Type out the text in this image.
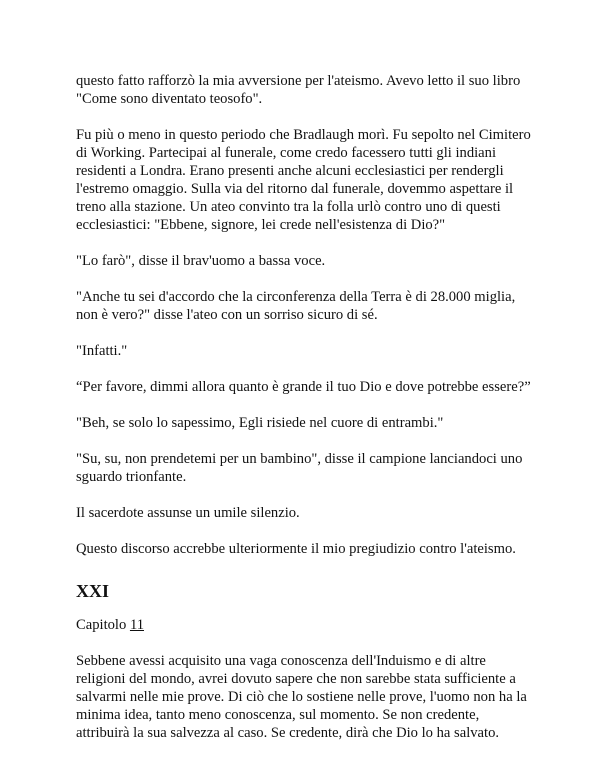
questo fatto rafforzò la mia avversione per l'ateismo. Avevo letto il suo libro "Come sono diventato teosofo".

Fu più o meno in questo periodo che Bradlaugh morì. Fu sepolto nel Cimitero di Working. Partecipai al funerale, come credo facessero tutti gli indiani residenti a Londra. Erano presenti anche alcuni ecclesiastici per rendergli l'estremo omaggio. Sulla via del ritorno dal funerale, dovemmo aspettare il treno alla stazione. Un ateo convinto tra la folla urlò contro uno di questi ecclesiastici: "Ebbene, signore, lei crede nell'esistenza di Dio?"

"Lo farò", disse il brav'uomo a bassa voce.

"Anche tu sei d'accordo che la circonferenza della Terra è di 28.000 miglia, non è vero?" disse l'ateo con un sorriso sicuro di sé.

"Infatti."

“Per favore, dimmi allora quanto è grande il tuo Dio e dove potrebbe essere?”

"Beh, se solo lo sapessimo, Egli risiede nel cuore di entrambi."

"Su, su, non prendetemi per un bambino", disse il campione lanciandoci uno sguardo trionfante.

Il sacerdote assunse un umile silenzio.

Questo discorso accrebbe ulteriormente il mio pregiudizio contro l'ateismo.

XXI

Capitolo 11

Sebbene avessi acquisito una vaga conoscenza dell'Induismo e di altre religioni del mondo, avrei dovuto sapere che non sarebbe stata sufficiente a salvarmi nelle mie prove. Di ciò che lo sostiene nelle prove, l'uomo non ha la minima idea, tanto meno conoscenza, sul momento. Se non credente, attribuirà la sua salvezza al caso. Se credente, dirà che Dio lo ha salvato.
